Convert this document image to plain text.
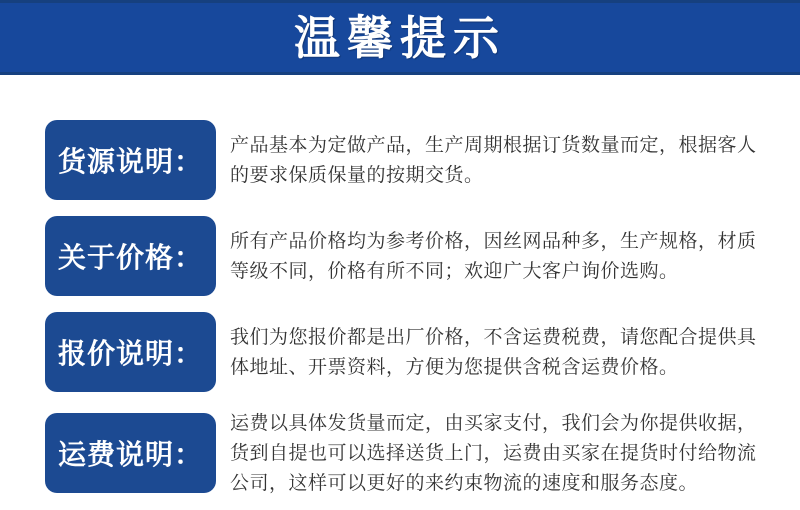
温馨提示
货源说明：	产品基本为定做产品，生产周期根据订货数量而定，根据客人的要求保质保量的按期交货。
关于价格：	所有产品价格均为参考价格，因丝网品种多，生产规格，材质等级不同，价格有所不同；欢迎广大客户询价选购。
报价说明：	我们为您报价都是出厂价格，不含运费税费，请您配合提供具体地址、开票资料，方便为您提供含税含运费价格。
运费说明：
运费以具体发货量而定，由买家支付，我们会为你提供收据，货到自提也可以选择送货上门，运费由买家在提货时付给物流公司，这样可以更好的来约束物流的速度和服务态度。
